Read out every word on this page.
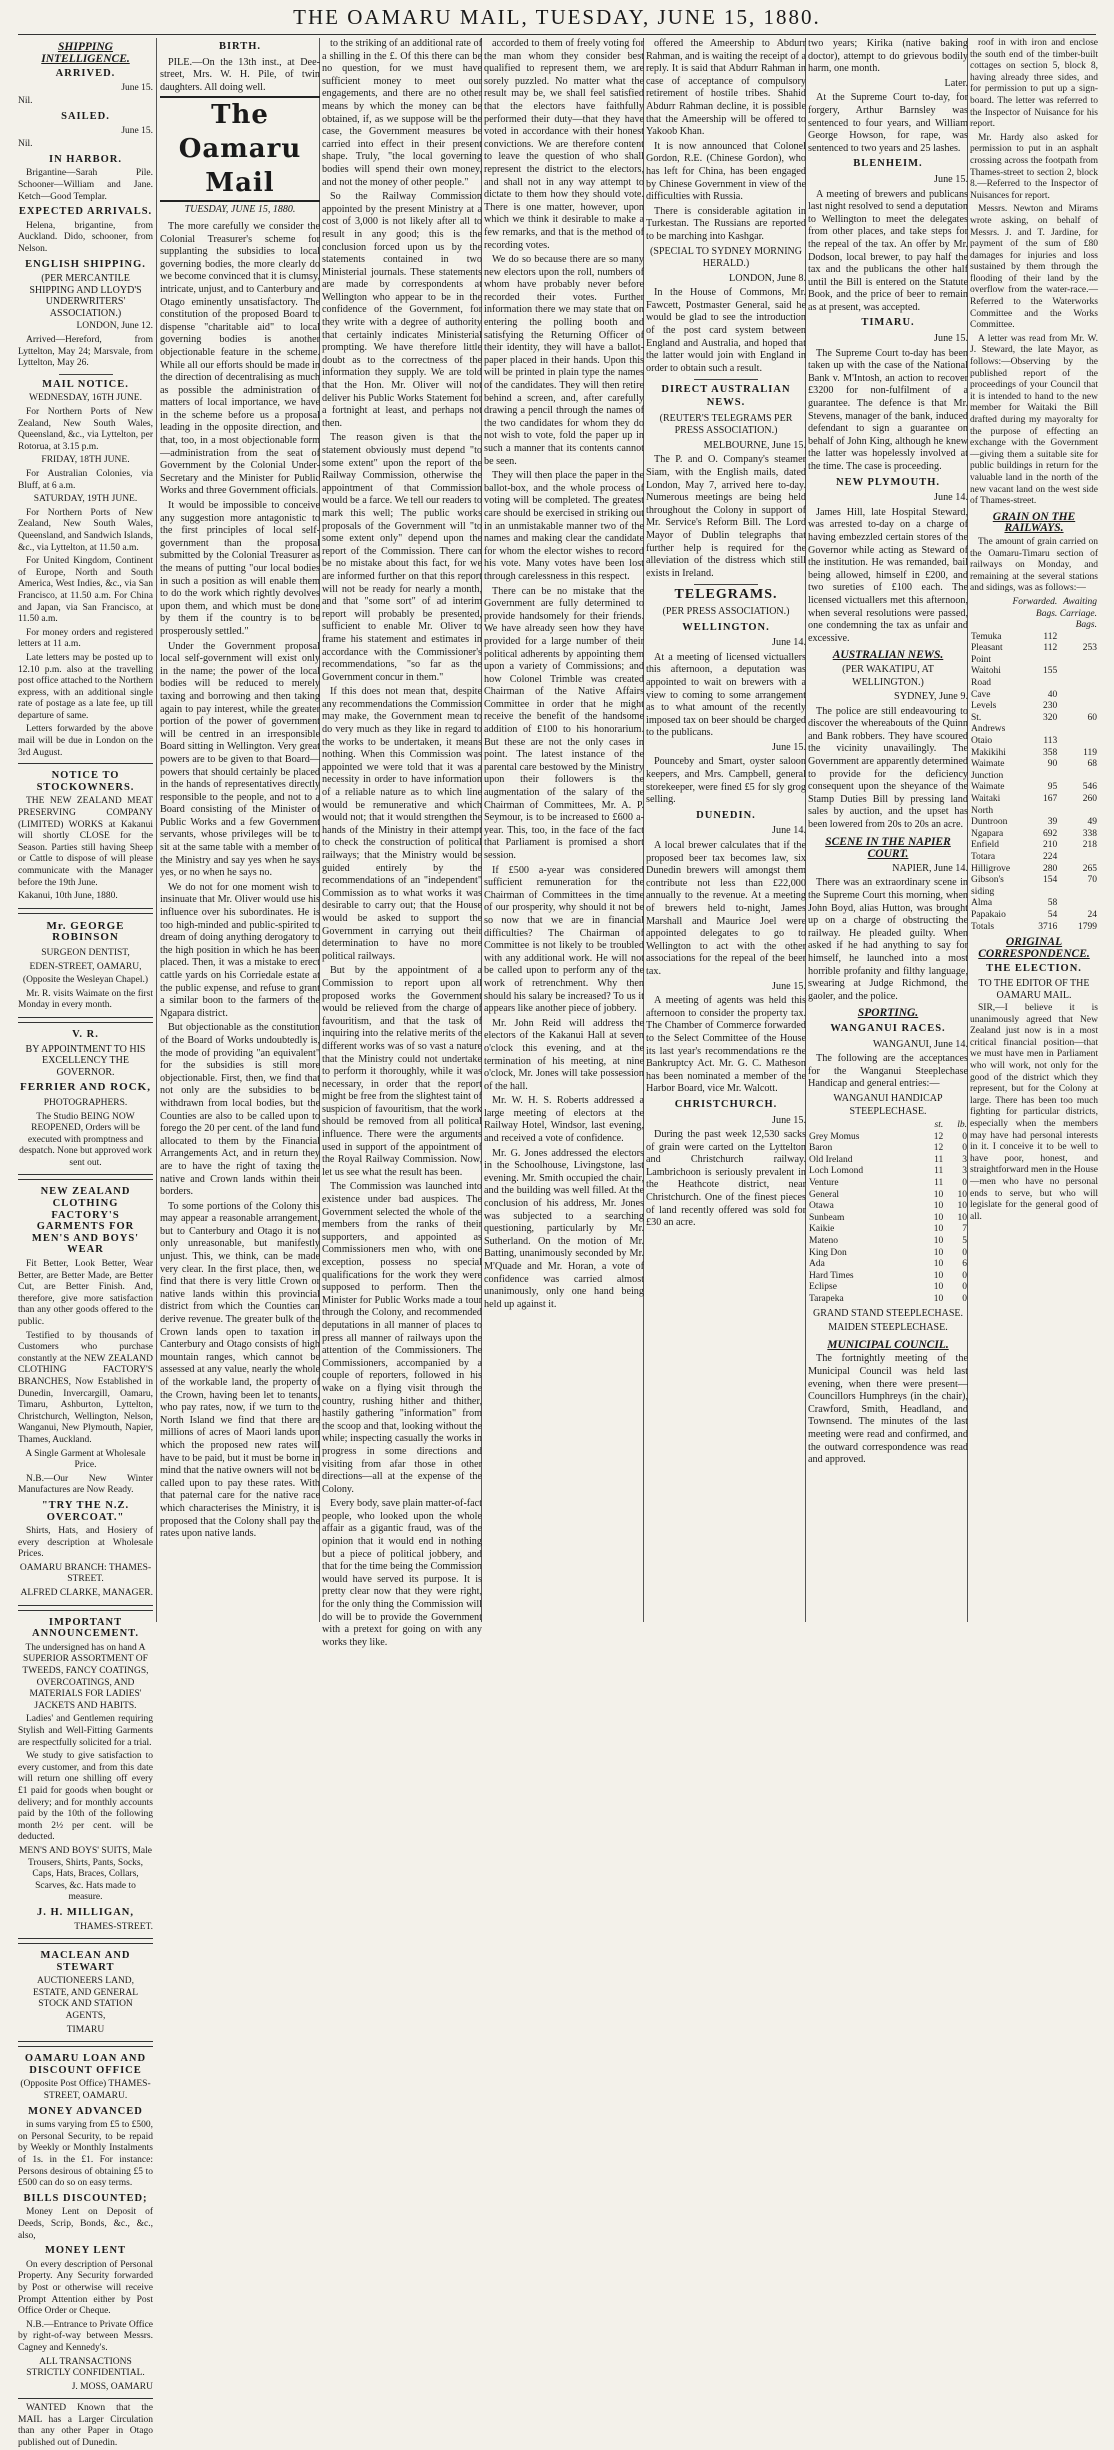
THE OAMARU MAIL, TUESDAY, JUNE 15, 1880.

SHIPPING INTELLIGENCE.

ARRIVED.

June 15.

Nil.

SAILED.

June 15.

Nil.

IN HARBOR.

Brigantine—Sarah Pile. Schooner—William and Jane. Ketch—Good Templar.

EXPECTED ARRIVALS.

Helena, brigantine, from Auckland. Dido, schooner, from Nelson.

ENGLISH SHIPPING.

(PER MERCANTILE SHIPPING AND LLOYD'S UNDERWRITERS' ASSOCIATION.)

LONDON, June 12.

Arrived—Hereford, from Lyttelton, May 24; Marsvale, from Lyttelton, May 26.

MAIL NOTICE.

WEDNESDAY, 16TH JUNE.

For Northern Ports of New Zealand, New South Wales, Queensland, &c., via Lyttelton, per Rotorua, at 3.15 p.m.

FRIDAY, 18TH JUNE.

For Australian Colonies, via Bluff, at 6 a.m.

SATURDAY, 19TH JUNE.

For Northern Ports of New Zealand, New South Wales, Queensland, and Sandwich Islands, &c., via Lyttelton, at 11.50 a.m.

For United Kingdom, Continent of Europe, North and South America, West Indies, &c., via San Francisco, at 11.50 a.m. For China and Japan, via San Francisco, at 11.50 a.m.

For money orders and registered letters at 11 a.m.

Late letters may be posted up to 12.10 p.m. also at the travelling post office attached to the Northern express, with an additional single rate of postage as a late fee, up till departure of same.

Letters forwarded by the above mail will be due in London on the 3rd August.

NOTICE TO STOCKOWNERS.

THE NEW ZEALAND MEAT PRESERVING COMPANY (LIMITED) WORKS at Kakanui will shortly CLOSE for the Season. Parties still having Sheep or Cattle to dispose of will please communicate with the Manager before the 19th June.

Kakanui, 10th June, 1880.

Mr. GEORGE ROBINSON

SURGEON DENTIST,

EDEN-STREET, OAMARU,

(Opposite the Wesleyan Chapel.)

Mr. R. visits Waimate on the first Monday in every month.

V. R.

BY APPOINTMENT TO HIS EXCELLENCY THE GOVERNOR.

FERRIER AND ROCK,

PHOTOGRAPHERS.

The Studio BEING NOW REOPENED, Orders will be executed with promptness and despatch. None but approved work sent out.

NEW ZEALAND CLOTHING FACTORY'S GARMENTS FOR MEN'S AND BOYS' WEAR

Fit Better, Look Better, Wear Better, are Better Made, are Better Cut, are Better Finish. And, therefore, give more satisfaction than any other goods offered to the public.

Testified to by thousands of Customers who purchase constantly at the NEW ZEALAND CLOTHING FACTORY'S BRANCHES, Now Established in Dunedin, Invercargill, Oamaru, Timaru, Ashburton, Lyttelton, Christchurch, Wellington, Nelson, Wanganui, New Plymouth, Napier, Thames, Auckland.

A Single Garment at Wholesale Price.

N.B.—Our New Winter Manufactures are Now Ready.

"TRY THE N.Z. OVERCOAT."

Shirts, Hats, and Hosiery of every description at Wholesale Prices.

OAMARU BRANCH: THAMES-STREET.

ALFRED CLARKE, MANAGER.

IMPORTANT ANNOUNCEMENT.

The undersigned has on hand A SUPERIOR ASSORTMENT OF TWEEDS, FANCY COATINGS, OVERCOATINGS, AND MATERIALS FOR LADIES' JACKETS AND HABITS.

Ladies' and Gentlemen requiring Stylish and Well-Fitting Garments are respectfully solicited for a trial.

We study to give satisfaction to every customer, and from this date will return one shilling off every £1 paid for goods when bought or delivery; and for monthly accounts paid by the 10th of the following month 2½ per cent. will be deducted.

MEN'S AND BOYS' SUITS, Male Trousers, Shirts, Pants, Socks, Caps, Hats, Braces, Collars, Scarves, &c. Hats made to measure.

J. H. MILLIGAN,

THAMES-STREET.

MACLEAN AND STEWART

AUCTIONEERS LAND, ESTATE, AND GENERAL STOCK AND STATION AGENTS,

TIMARU

OAMARU LOAN AND DISCOUNT OFFICE

(Opposite Post Office) THAMES-STREET, OAMARU.

MONEY ADVANCED

in sums varying from £5 to £500, on Personal Security, to be repaid by Weekly or Monthly Instalments of 1s. in the £1. For instance: Persons desirous of obtaining £5 to £500 can do so on easy terms.

BILLS DISCOUNTED;

Money Lent on Deposit of Deeds, Scrip, Bonds, &c., &c., also,

MONEY LENT

On every description of Personal Property. Any Security forwarded by Post or otherwise will receive Prompt Attention either by Post Office Order or Cheque.

N.B.—Entrance to Private Office by right-of-way between Messrs. Cagney and Kennedy's.

ALL TRANSACTIONS STRICTLY CONFIDENTIAL.

J. MOSS, OAMARU

WANTED Known that the MAIL has a Larger Circulation than any other Paper in Otago published out of Dunedin.

BIRTH.

PILE.—On the 13th inst., at Dee-street, Mrs. W. H. Pile, of twin daughters. All doing well.

The Oamaru Mail

TUESDAY, JUNE 15, 1880.

The more carefully we consider the Colonial Treasurer's scheme for supplanting the subsidies to local governing bodies, the more clearly do we become convinced that it is clumsy, intricate, unjust, and to Canterbury and Otago eminently unsatisfactory. The constitution of the proposed Board to dispense "charitable aid" to local governing bodies is another objectionable feature in the scheme. While all our efforts should be made in the direction of decentralising as much as possible the administration of matters of local importance, we have in the scheme before us a proposal leading in the opposite direction, and that, too, in a most objectionable form—administration from the seat of Government by the Colonial Under-Secretary and the Minister for Public Works and three Government officials.

It would be impossible to conceive any suggestion more antagonistic to the first principles of local self-government than the proposal submitted by the Colonial Treasurer as the means of putting "our local bodies in such a position as will enable them to do the work which rightly devolves upon them, and which must be done by them if the country is to be prosperously settled."

Under the Government proposal local self-government will exist only in the name; the power of the local bodies will be reduced to merely taxing and borrowing and then taking again to pay interest, while the greater portion of the power of government will be centred in an irresponsible Board sitting in Wellington. Very great powers are to be given to that Board—powers that should certainly be placed in the hands of representatives directly responsible to the people, and not to a Board consisting of the Minister of Public Works and a few Government servants, whose privileges will be to sit at the same table with a member of the Ministry and say yes when he says yes, or no when he says no.

We do not for one moment wish to insinuate that Mr. Oliver would use his influence over his subordinates. He is too high-minded and public-spirited to dream of doing anything derogatory to the high position in which he has been placed. Then, it was a mistake to erect cattle yards on his Corriedale estate at the public expense, and refuse to grant a similar boon to the farmers of the Ngapara district.

But objectionable as the constitution of the Board of Works undoubtedly is, the mode of providing "an equivalent" for the subsidies is still more objectionable. First, then, we find that not only are the subsidies to be withdrawn from local bodies, but the Counties are also to be called upon to forego the 20 per cent. of the land fund allocated to them by the Financial Arrangements Act, and in return they are to have the right of taxing the native and Crown lands within their borders.

To some portions of the Colony this may appear a reasonable arrangement, but to Canterbury and Otago it is not only unreasonable, but manifestly unjust. This, we think, can be made very clear. In the first place, then, we find that there is very little Crown or native lands within this provincial district from which the Counties can derive revenue. The greater bulk of the Crown lands open to taxation in Canterbury and Otago consists of high mountain ranges, which cannot be assessed at any value, nearly the whole of the workable land, the property of the Crown, having been let to tenants, who pay rates, now, if we turn to the North Island we find that there are millions of acres of Maori lands upon which the proposed new rates will have to be paid, but it must be borne in mind that the native owners will not be called upon to pay these rates. With that paternal care for the native race which characterises the Ministry, it is proposed that the Colony shall pay the rates upon native lands.

to the striking of an additional rate of a shilling in the £. Of this there can be no question, for we must have sufficient money to meet our engagements, and there are no other means by which the money can be obtained, if, as we suppose will be the case, the Government measures be carried into effect in their present shape. Truly, "the local governing bodies will spend their own money, and not the money of other people."

So the Railway Commission appointed by the present Ministry at a cost of 3,000 is not likely after all to result in any good; this is the conclusion forced upon us by the statements contained in two Ministerial journals. These statements are made by correspondents at Wellington who appear to be in the confidence of the Government, for they write with a degree of authority that certainly indicates Ministerial prompting. We have therefore little doubt as to the correctness of the information they supply. We are told that the Hon. Mr. Oliver will not deliver his Public Works Statement for a fortnight at least, and perhaps not then.

The reason given is that the statement obviously must depend "to some extent" upon the report of the Railway Commission, otherwise the appointment of that Commission would be a farce. We tell our readers to mark this well; The public works proposals of the Government will "to some extent only" depend upon the report of the Commission. There can be no mistake about this fact, for we are informed further on that this report will not be ready for nearly a month, and that "some sort" of ad interim report will probably be presented, sufficient to enable Mr. Oliver to frame his statement and estimates in accordance with the Commissioner's recommendations, "so far as the Government concur in them."

If this does not mean that, despite any recommendations the Commission may make, the Government mean to do very much as they like in regard to the works to be undertaken, it means nothing. When this Commission was appointed we were told that it was a necessity in order to have information of a reliable nature as to which line would be remunerative and which would not; that it would strengthen the hands of the Ministry in their attempt to check the construction of political railways; that the Ministry would be guided entirely by the recommendations of an "independent" Commission as to what works it was desirable to carry out; that the House would be asked to support the Government in carrying out their determination to have no more political railways.

But by the appointment of a Commission to report upon all proposed works the Government would be relieved from the charge of favouritism, and that the task of inquiring into the relative merits of the different works was of so vast a nature that the Ministry could not undertake to perform it thoroughly, while it was necessary, in order that the report might be free from the slightest taint of suspicion of favouritism, that the work should be removed from all political influence. There were the arguments used in support of the appointment of the Royal Railway Commission. Now, let us see what the result has been.

The Commission was launched into existence under bad auspices. The Government selected the whole of the members from the ranks of their supporters, and appointed as Commissioners men who, with one exception, possess no special qualifications for the work they were supposed to perform. Then the Minister for Public Works made a tour through the Colony, and recommended deputations in all manner of places to press all manner of railways upon the attention of the Commissioners. The Commissioners, accompanied by a couple of reporters, followed in his wake on a flying visit through the country, rushing hither and thither, hastily gathering "information" from the scoop and that, looking without the while; inspecting casually the works in progress in some directions and visiting from afar those in other directions—all at the expense of the Colony.

Every body, save plain matter-of-fact people, who looked upon the whole affair as a gigantic fraud, was of the opinion that it would end in nothing but a piece of political jobbery, and that for the time being the Commission would have served its purpose. It is pretty clear now that they were right, for the only thing the Commission will do will be to provide the Government with a pretext for going on with any works they like.

accorded to them of freely voting for the man whom they consider best qualified to represent them, we are sorely puzzled. No matter what the result may be, we shall feel satisfied that the electors have faithfully performed their duty—that they have voted in accordance with their honest convictions. We are therefore content to leave the question of who shall represent the district to the electors, and shall not in any way attempt to dictate to them how they should vote. There is one matter, however, upon which we think it desirable to make a few remarks, and that is the method of recording votes.

We do so because there are so many new electors upon the roll, numbers of whom have probably never before recorded their votes. Further information there we may state that on entering the polling booth and satisfying the Returning Officer of their identity, they will have a ballot-paper placed in their hands. Upon this will be printed in plain type the names of the candidates. They will then retire behind a screen, and, after carefully drawing a pencil through the names of the two candidates for whom they do not wish to vote, fold the paper up in such a manner that its contents cannot be seen.

They will then place the paper in the ballot-box, and the whole process of voting will be completed. The greatest care should be exercised in striking out in an unmistakable manner two of the names and making clear the candidate for whom the elector wishes to record his vote. Many votes have been lost through carelessness in this respect.

There can be no mistake that the Government are fully determined to provide handsomely for their friends. We have already seen how they have provided for a large number of their political adherents by appointing them upon a variety of Commissions; and how Colonel Trimble was created Chairman of the Native Affairs Committee in order that he might receive the benefit of the handsome addition of £100 to his honorarium. But these are not the only cases in point. The latest instance of the parental care bestowed by the Ministry upon their followers is the augmentation of the salary of the Chairman of Committees, Mr. A. P. Seymour, is to be increased to £600 a-year. This, too, in the face of the fact that Parliament is promised a short session.

If £500 a-year was considered sufficient remuneration for the Chairman of Committees in the time of our prosperity, why should it not be so now that we are in financial difficulties? The Chairman of Committee is not likely to be troubled with any additional work. He will not be called upon to perform any of the work of retrenchment. Why then should his salary be increased? To us it appears like another piece of jobbery.

Mr. John Reid will address the electors of the Kakanui Hall at seven o'clock this evening, and at the termination of his meeting, at nine o'clock, Mr. Jones will take possession of the hall.

Mr. W. H. S. Roberts addressed a large meeting of electors at the Railway Hotel, Windsor, last evening, and received a vote of confidence.

Mr. G. Jones addressed the electors in the Schoolhouse, Livingstone, last evening. Mr. Smith occupied the chair, and the building was well filled. At the conclusion of his address, Mr. Jones was subjected to a searching questioning, particularly by Mr. Sutherland. On the motion of Mr. Batting, unanimously seconded by Mr. M'Quade and Mr. Horan, a vote of confidence was carried almost unanimously, only one hand being held up against it.

offered the Ameership to Abdurr Rahman, and is waiting the receipt of a reply. It is said that Abdurr Rahman in case of acceptance of compulsory retirement of hostile tribes. Shahid Abdurr Rahman decline, it is possible that the Ameership will be offered to Yakoob Khan.

It is now announced that Colonel Gordon, R.E. (Chinese Gordon), who has left for China, has been engaged by Chinese Government in view of the difficulties with Russia.

There is considerable agitation in Turkestan. The Russians are reported to be marching into Kashgar.

(SPECIAL TO SYDNEY MORNING HERALD.)

LONDON, June 8.

In the House of Commons, Mr. Fawcett, Postmaster General, said he would be glad to see the introduction of the post card system between England and Australia, and hoped that the latter would join with England in order to obtain such a result.

DIRECT AUSTRALIAN NEWS.

(REUTER'S TELEGRAMS PER PRESS ASSOCIATION.)

MELBOURNE, June 15.

The P. and O. Company's steamer Siam, with the English mails, dated London, May 7, arrived here to-day. Numerous meetings are being held throughout the Colony in support of Mr. Service's Reform Bill. The Lord Mayor of Dublin telegraphs that further help is required for the alleviation of the distress which still exists in Ireland.

TELEGRAMS.

(PER PRESS ASSOCIATION.)

WELLINGTON.

June 14.

At a meeting of licensed victuallers this afternoon, a deputation was appointed to wait on brewers with a view to coming to some arrangement as to what amount of the recently imposed tax on beer should be charged to the publicans.

June 15.

Pounceby and Smart, oyster saloon keepers, and Mrs. Campbell, general storekeeper, were fined £5 for sly grog selling.

DUNEDIN.

June 14.

A local brewer calculates that if the proposed beer tax becomes law, six Dunedin brewers will amongst them contribute not less than £22,000 annually to the revenue. At a meeting of brewers held to-night, James Marshall and Maurice Joel were appointed delegates to go to Wellington to act with the other associations for the repeal of the beer tax.

June 15.

A meeting of agents was held this afternoon to consider the property tax. The Chamber of Commerce forwarded to the Select Committee of the House its last year's recommendations re the Bankruptcy Act. Mr. G. C. Matheson has been nominated a member of the Harbor Board, vice Mr. Walcott.

CHRISTCHURCH.

June 15.

During the past week 12,530 sacks of grain were carted on the Lyttelton and Christchurch railway. Lambrichoon is seriously prevalent in the Heathcote district, near Christchurch. One of the finest pieces of land recently offered was sold for £30 an acre.

two years; Kirika (native baking doctor), attempt to do grievous bodily harm, one month.

Later.

At the Supreme Court to-day, for forgery, Arthur Barnsley was sentenced to four years, and William George Howson, for rape, was sentenced to two years and 25 lashes.

BLENHEIM.

June 15.

A meeting of brewers and publicans last night resolved to send a deputation to Wellington to meet the delegates from other places, and take steps for the repeal of the tax. An offer by Mr. Dodson, local brewer, to pay half the tax and the publicans the other half until the Bill is entered on the Statute Book, and the price of beer to remain as at present, was accepted.

TIMARU.

June 15.

The Supreme Court to-day has been taken up with the case of the National Bank v. M'Intosh, an action to recover £3200 for non-fulfilment of a guarantee. The defence is that Mr. Stevens, manager of the bank, induced defendant to sign a guarantee on behalf of John King, although he knew the latter was hopelessly involved at the time. The case is proceeding.

NEW PLYMOUTH.

June 14.

James Hill, late Hospital Steward, was arrested to-day on a charge of having embezzled certain stores of the Governor while acting as Steward of the institution. He was remanded, bail being allowed, himself in £200, and two sureties of £100 each. The licensed victuallers met this afternoon, when several resolutions were passed, one condemning the tax as unfair and excessive.

AUSTRALIAN NEWS.

(PER WAKATIPU, AT WELLINGTON.)

SYDNEY, June 9.

The police are still endeavouring to discover the whereabouts of the Quinn and Bank robbers. They have scoured the vicinity unavailingly. The Government are apparently determined to provide for the deficiency consequent upon the sheyance of the Stamp Duties Bill by pressing land sales by auction, and the upset has been lowered from 20s to 20s an acre.

SCENE IN THE NAPIER COURT.

NAPIER, June 14.

There was an extraordinary scene in the Supreme Court this morning, when John Boyd, alias Hutton, was brought up on a charge of obstructing the railway. He pleaded guilty. When asked if he had anything to say for himself, he launched into a most horrible profanity and filthy language, swearing at Judge Richmond, the gaoler, and the police.

SPORTING.

WANGANUI RACES.

WANGANUI, June 14.

The following are the acceptances for the Wanganui Steeplechase Handicap and general entries:—

WANGANUI HANDICAP STEEPLECHASE.

	st.	lb.
Grey Momus	12	0
Baron	12	0
Old Ireland	11	3
Loch Lomond	11	3
Venture	11	0
General	10	10
Otawa	10	10
Sunbeam	10	10
Kaikie	10	7
Mateno	10	5
King Don	10	0
Ada	10	6
Hard Times	10	0
Eclipse	10	0
Tarapeka	10	0

GRAND STAND STEEPLECHASE.

MAIDEN STEEPLECHASE.

MUNICIPAL COUNCIL.

The fortnightly meeting of the Municipal Council was held last evening, when there were present—Councillors Humphreys (in the chair), Crawford, Smith, Headland, and Townsend. The minutes of the last meeting were read and confirmed, and the outward correspondence was read and approved.

roof in with iron and enclose the south end of the timber-built cottages on section 5, block 8, having already three sides, and for permission to put up a sign-board. The letter was referred to the Inspector of Nuisance for his report.

Mr. Hardy also asked for permission to put in an asphalt crossing across the footpath from Thames-street to section 2, block 8.—Referred to the Inspector of Nuisances for report.

Messrs. Newton and Mirams wrote asking, on behalf of Messrs. J. and T. Jardine, for payment of the sum of £80 damages for injuries and loss sustained by them through the flooding of their land by the overflow from the water-race.—Referred to the Waterworks Committee and the Works Committee.

A letter was read from Mr. W. J. Steward, the late Mayor, as follows:—Observing by the published report of the proceedings of your Council that it is intended to hand to the new member for Waitaki the Bill drafted during my mayoralty for the purpose of effecting an exchange with the Government—giving them a suitable site for public buildings in return for the valuable land in the north of the new vacant land on the west side of Thames-street.

GRAIN ON THE RAILWAYS.

The amount of grain carried on the Oamaru-Timaru section of railways on Monday, and remaining at the several stations and sidings, was as follows:—

	Forwarded. Bags.	Awaiting Carriage. Bags.
Temuka	112	
Pleasant Point	112	253
Waitohi Road	155	
Cave	40	
Levels	230	
St. Andrews	320	60
Otaio	113	
Makikihi	358	119
Waimate Junction	90	68
Waimate	95	546
Waitaki North	167	260
Duntroon	39	49
Ngapara	692	338
Enfield	210	218
Totara	224	
Hilligrove	280	265
Gibson's siding	154	70
Alma	58	
Papakaio	54	24
Totals	3716	1799

ORIGINAL CORRESPONDENCE.

THE ELECTION.

TO THE EDITOR OF THE OAMARU MAIL.

SIR,—I believe it is unanimously agreed that New Zealand just now is in a most critical financial position—that we must have men in Parliament who will work, not only for the good of the district which they represent, but for the Colony at large. There has been too much fighting for particular districts, especially when the members may have had personal interests in it. I conceive it to be well to have poor, honest, and straightforward men in the House—men who have no personal ends to serve, but who will legislate for the general good of all.
